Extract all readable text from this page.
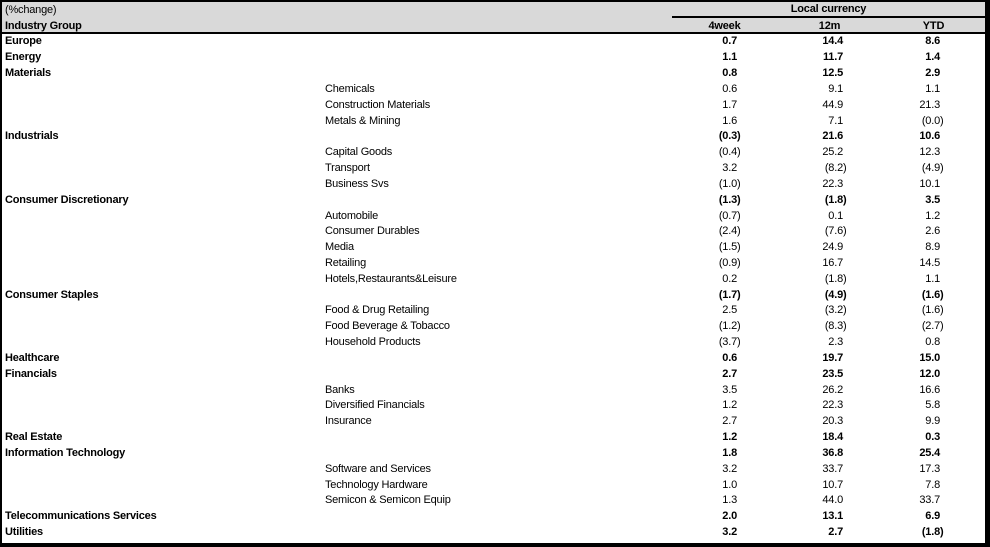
(%change)	Local currency
Industry Group	4week	12m	YTD
Europe	0.7	14.4	8.6
Energy	1.1	11.7	1.4
Materials	0.8	12.5	2.9
Chemicals	0.6	9.1	1.1
Construction Materials	1.7	44.9	21.3
Metals & Mining	1.6	7.1	(0.0 )
Industrials	(0.3 )	21.6	10.6
Capital Goods	(0.4 )	25.2	12.3
Transport	3.2	(8.2 )	(4.9 )
Business Svs	(1.0 )	22.3	10.1
Consumer Discretionary	(1.3 )	(1.8 )	3.5
Automobile	(0.7 )	0.1	1.2
Consumer Durables	(2.4 )	(7.6 )	2.6
Media	(1.5 )	24.9	8.9
Retailing	(0.9 )	16.7	14.5
Hotels,Restaurants&Leisure	0.2	(1.8 )	1.1
Consumer Staples	(1.7 )	(4.9 )	(1.6 )
Food & Drug Retailing	2.5	(3.2 )	(1.6 )
Food Beverage & Tobacco	(1.2 )	(8.3 )	(2.7 )
Household Products	(3.7 )	2.3	0.8
Healthcare	0.6	19.7	15.0
Financials	2.7	23.5	12.0
Banks	3.5	26.2	16.6
Diversified Financials	1.2	22.3	5.8
Insurance	2.7	20.3	9.9
Real Estate	1.2	18.4	0.3
Information Technology	1.8	36.8	25.4
Software and Services	3.2	33.7	17.3
Technology Hardware	1.0	10.7	7.8
Semicon & Semicon Equip	1.3	44.0	33.7
Telecommunications Services	2.0	13.1	6.9
Utilities	3.2	2.7	(1.8 )
